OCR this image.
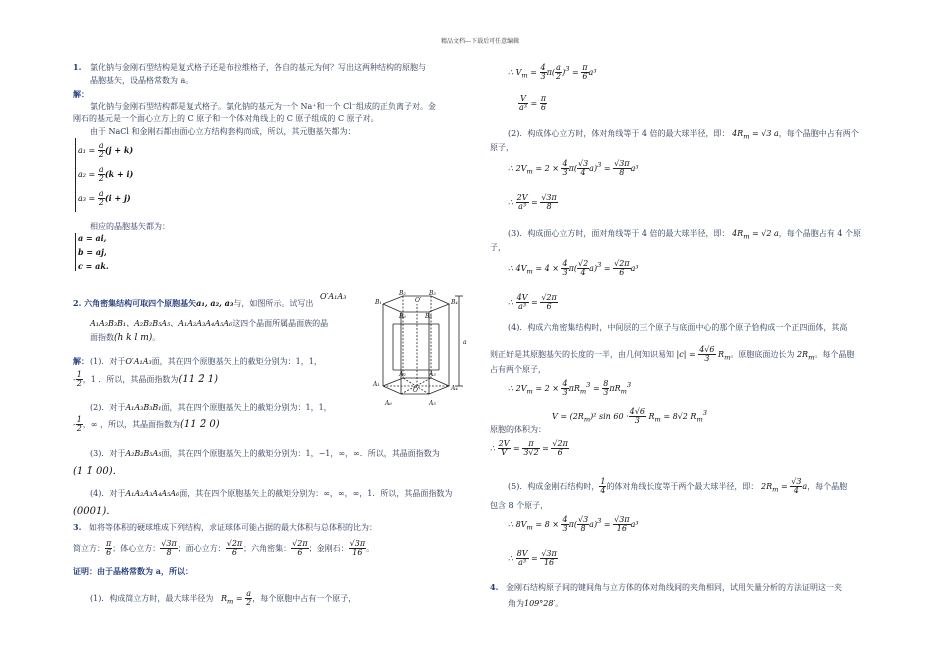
精品文档---下载后可任意编辑
1. 氯化钠与金刚石型结构是复式格子还是布拉维格子，各自的基元为何？写出这两种结构的原胞与
晶胞基矢，设晶格常数为 a。
解：
氯化钠与金刚石型结构都是复式格子。氯化钠的基元为一个 Na⁺和一个 Cl⁻组成的正负离子对。金
刚石的基元是一个面心立方上的 C 原子和一个体对角线上的 C 原子组成的 C 原子对。
由于 NaCl 和金刚石都由面心立方结构套构而成，所以，其元胞基矢都为：
$a_1 = \frac{a}{2} (j + k)$
$a_2 = \frac{a}{2} (k + i)$
$a_3 = \frac{a}{2} (i + j)$
相应的晶胞基矢都为：
a = ai,
b = aj,
c = ak.
2. 六角密集结构可取四个原胞基矢a₁, a₂, a₃与，如图所示。试写出
O′A₁A₃
A₁A₃B₃B₁、A₂B₂B₅A₅、A₁A₂A₃A₄A₅A₆这四个晶面所属晶面族的晶
面指数(h k l m)。
解： (1)．对于O′A₁A₃面，其在四个原胞基矢上的截矩分别为：1，1，
- $\frac{1}{2}$ ，1 ．所以，其晶面指数为(11 2̄ 1)
(2)．对于A₁A₃B₃B₁面，其在四个原胞基矢上的截矩分别为：1，1，
- $\frac{1}{2}$ ，∞ ，所以，其晶面指数为(11 2̄ 0)
(3)．对于A₂B₂B₅A₅面，其在四个原胞基矢上的截矩分别为：1，−1，∞，∞．所以，其晶面指数为
(1 1̄ 00)．
(4)．对于A₁A₂A₃A₄A₅A₆面，其在四个原胞基矢上的截矩分别为：∞，∞，∞，1．所以，其晶面指数为
(0001)．
3. 如将等体积的硬球堆成下列结构，求证球体可能占据的最大体积与总体积的比为：
简立方： $\frac{\pi}{6}$ ；体心立方： $\frac{√3\pi}{8}$ ；面心立方： $\frac{√2\pi}{6}$ ；六角密集： $\frac{√2\pi}{6}$ ；金刚石： $\frac{√3\pi}{16}$ 。
证明：由于晶格常数为 a，所以：
(1)．构成简立方时，最大球半径为 $R_m = \frac{a}{2}$ ，每个原胞中占有一个原子，
B₂	B₃
B₁
B₆
B₄
B₅
A₂	A₃
A₁
A₄
A₆	A₅
O′
O
a
∴ $V_m = \frac{4}{3} \pi( \frac{a}{2} )^3 = \frac{\pi}{6} a^3$
$\frac{V}{\text{a³}} = \frac{\pi}{6}$
(2)．构成体心立方时，体对角线等于 4 倍的最大球半径，即： $4R_m = √3$ a，每个晶胞中占有两个
原子，
∴ $2V_m = 2 \times \frac{4}{3} \pi( \frac{√3}{4} a)^3 = \frac{√3\pi}{8} a^3$
∴ $\frac{2V}{\text{a³}} = \frac{√3\pi}{8}$
(3)．构成面心立方时，面对角线等于 4 倍的最大球半径，即： $4R_m = √2$ a，每个晶胞占有 4 个原
子，
∴ $4V_m = 4 \times \frac{4}{3} \pi( \frac{√2}{4} a)^3 = \frac{√2\pi}{6} a^3$
∴ $\frac{4V}{\text{a³}} = \frac{√2\pi}{6}$
(4)．构成六角密集结构时，中间层的三个原子与底面中心的那个原子恰构成一个正四面体，其高
则正好是其原胞基矢的长度的一半，由几何知识易知 $|c| = \frac{4√6}{3} R_m$。原胞底面边长为 $2R_m$。每个晶胞
占有两个原子，
∴ $2V_m = 2 \times \frac{4}{3} \pi R_m^3 = \frac{8}{3} \pi R_m^3$
$V = (2R_m)^2$ $\sin 60 \cdot \frac{4√6}{3} R_m = 8√2$ $R_m^3$
原胞的体积为：
∴ $\frac{2V}{V} = \frac{\pi}{3√2} = \frac{√2\pi}{6}$
(5)．构成金刚石结构时， $\frac{1}{4}$ 的体对角线长度等于两个最大球半径，即： $2R_m = \frac{√3}{4}$ a，每个晶胞
包含 8 个原子，
∴ $8V_m = 8 \times \frac{4}{3} \pi( \frac{√3}{8} a)^3 = \frac{√3\pi}{16} a^3$
∴ $\frac{8V}{\text{a³}} = \frac{√3\pi}{16}$
4. 金刚石结构原子间的键间角与立方体的体对角线间的夹角相同，试用矢量分析的方法证明这一夹
角为109°28′。
